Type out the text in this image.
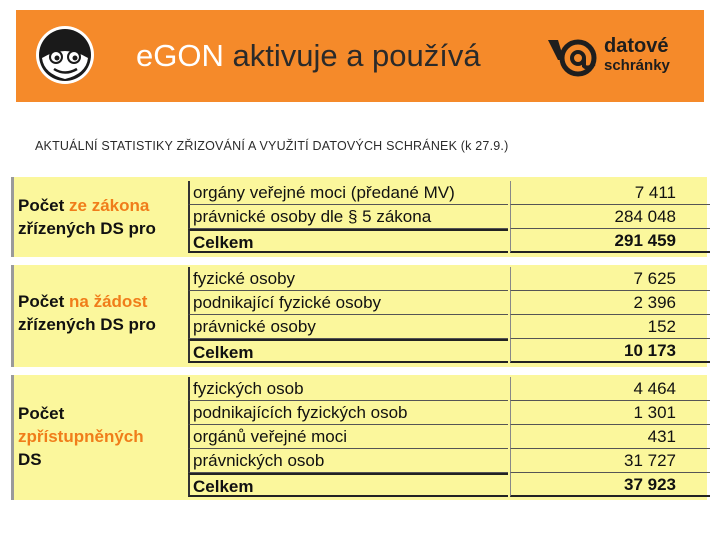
eGON aktivuje a používá	datové
schránky
AKTUÁLNÍ STATISTIKY ZŘIZOVÁNÍ A VYUŽITÍ DATOVÝCH SCHRÁNEK (k 27.9.)
Počet ze zákona
zřízených DS pro
orgány veřejné moci (předané MV)	7 411
právnické osoby dle § 5 zákona	284 048
Celkem	291 459
Počet na žádost
zřízených DS pro
fyzické osoby	7 625
podnikající fyzické osoby	2 396
právnické osoby	152
Celkem	10 173
Počet
zpřístupněných
DS
fyzických osob	4 464
podnikajících fyzických osob	1 301
orgánů veřejné moci	431
právnických osob	31 727
Celkem	37 923
